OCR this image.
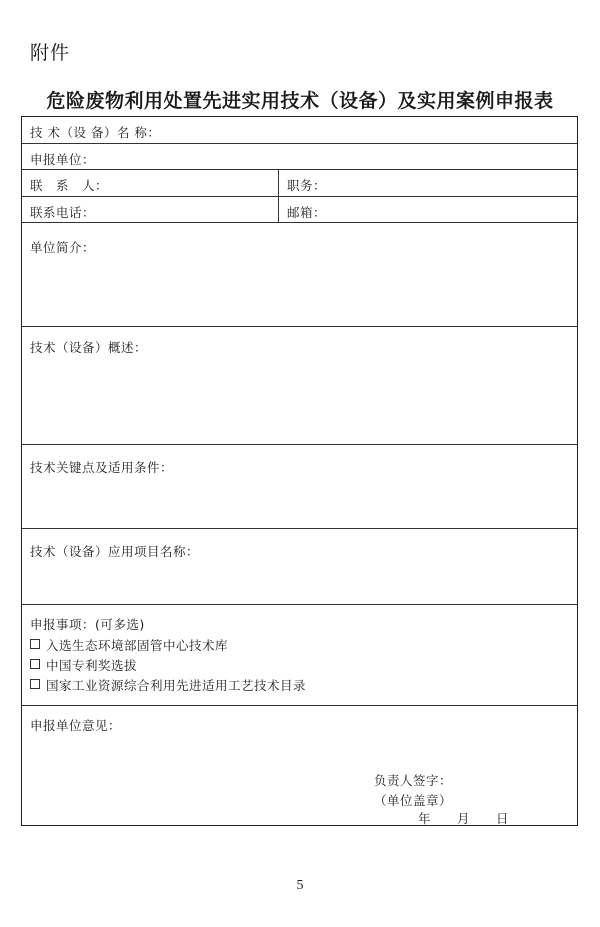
附件
危险废物利用处置先进实用技术（设备）及实用案例申报表
技 术（设 备）名 称：
申报单位：
联　系　人：	职务：
联系电话：	邮箱：
单位简介：
技术（设备）概述：
技术关键点及适用条件：
技术（设备）应用项目名称：
申报事项：(可多选)
入选生态环境部固管中心技术库
中国专利奖选拔
国家工业资源综合利用先进适用工艺技术目录
申报单位意见：
负责人签字：
（单位盖章）
年　　月　　日
5
